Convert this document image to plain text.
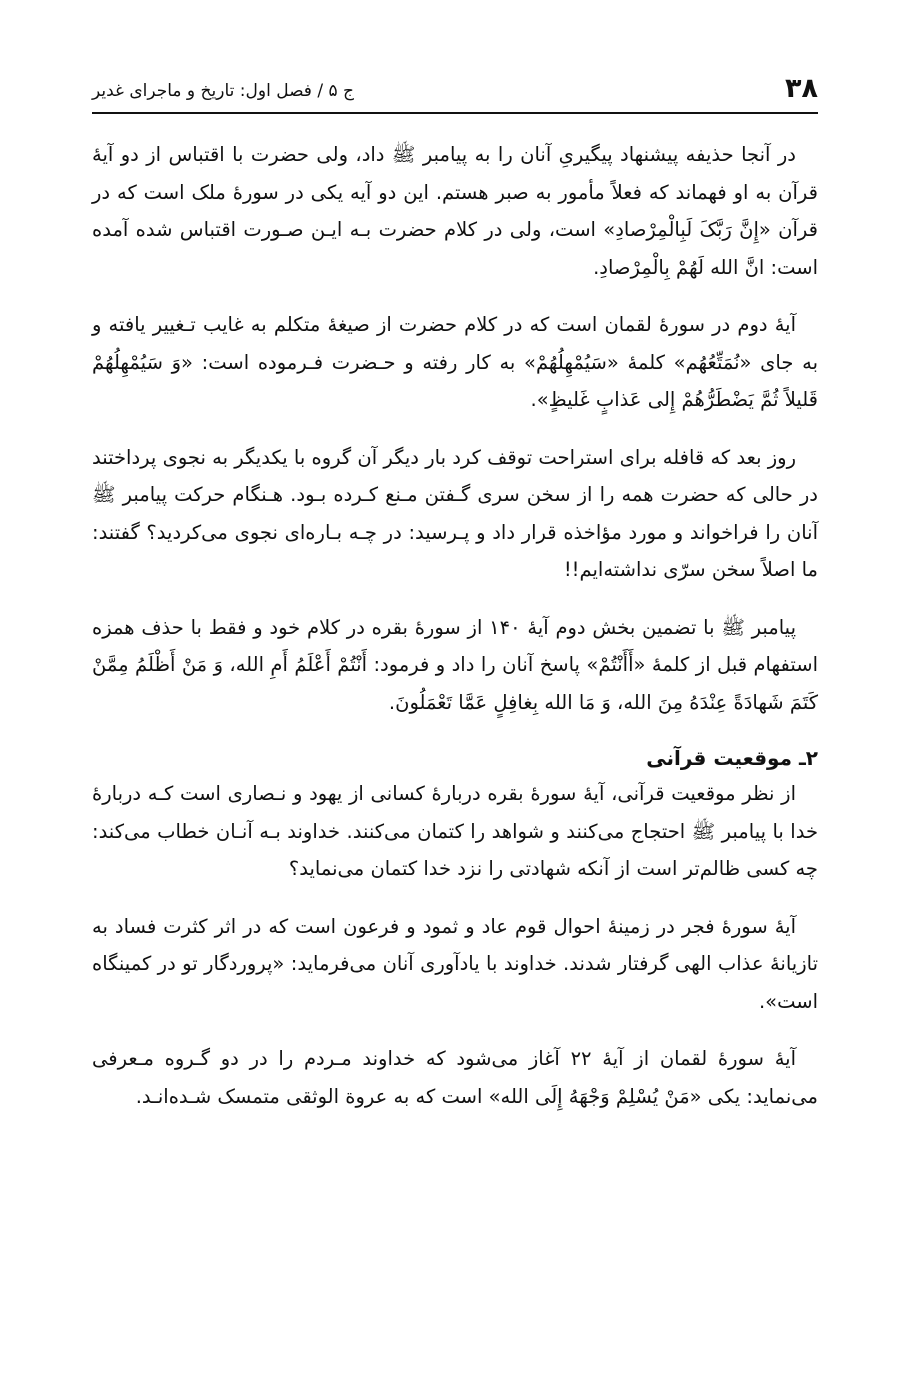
۳۸
ج ۵ / فصل اول: تاریخ و ماجرای غدیر

در آنجا حذیفه پیشنهاد پیگیریِ آنان را به پیامبر ﷺ داد، ولی حضرت با اقتباس از دو آیۀ قرآن به او فهماند که فعلاً مأمور به صبر هستم. این دو آیه یکی در سورۀ ملک است که در قرآن «إِنَّ رَبَّکَ لَبِالْمِرْصادِ» است، ولی در کلام حضرت بـه ایـن صـورت اقتباس شده آمده است: انَّ الله لَهُمْ بِالْمِرْصادِ.

آیۀ دوم در سورۀ لقمان است که در کلام حضرت از صیغۀ متکلم به غایب تـغییر یافته و به جای «نُمَتِّعُهُم» کلمۀ «سَیُمْهِلُهُمْ» به کار رفته و حـضرت فـرموده است: «وَ سَیُمْهِلُهُمْ قَلیلاً ثُمَّ یَضْطَرُّهُمْ إِلی عَذابٍ غَلیظٍ».

روز بعد که قافله برای استراحت توقف کرد بار دیگر آن گروه با یکدیگر به نجوی پرداختند در حالی که حضرت همه را از سخن سری گـفتن مـنع کـرده بـود. هـنگام حرکت پیامبر ﷺ آنان را فراخواند و مورد مؤاخذه قرار داد و پـرسید: در چـه بـاره‌ای نجوی می‌کردید؟ گفتند: ما اصلاً سخن سرّی نداشته‌ایم!!

پیامبر ﷺ با تضمین بخش دوم آیۀ ۱۴۰ از سورۀ بقره در کلام خود و فقط با حذف همزه استفهام قبل از کلمۀ «أَأَنْتُمْ» پاسخ آنان را داد و فرمود: أَنْتُمْ أَعْلَمُ أَمِ الله، وَ مَنْ أَظْلَمُ مِمَّنْ کَتَمَ شَهادَةً عِنْدَهُ مِنَ الله، وَ مَا الله بِغافِلٍ عَمَّا تَعْمَلُونَ.

۲ـ موقعیت قرآنی

از نظر موقعیت قرآنی، آیۀ سورۀ بقره دربارۀ کسانی از یهود و نـصاری است کـه دربارۀ خدا با پیامبر ﷺ احتجاج می‌کنند و شواهد را کتمان می‌کنند. خداوند بـه آنـان خطاب می‌کند: چه کسی ظالم‌تر است از آنکه شهادتی را نزد خدا کتمان می‌نماید؟

آیۀ سورۀ فجر در زمینۀ احوال قوم عاد و ثمود و فرعون است که در اثر کثرت فساد به تازیانۀ عذاب الهی گرفتار شدند. خداوند با یادآوری آنان می‌فرماید: «پروردگار تو در کمینگاه است».

آیۀ سورۀ لقمان از آیۀ ۲۲ آغاز می‌شود که خداوند مـردم را در دو گـروه مـعرفی می‌نماید: یکی «مَنْ یُسْلِمْ وَجْهَهُ إِلَی الله» است که به عروة الوثقی متمسک شـده‌انـد.
